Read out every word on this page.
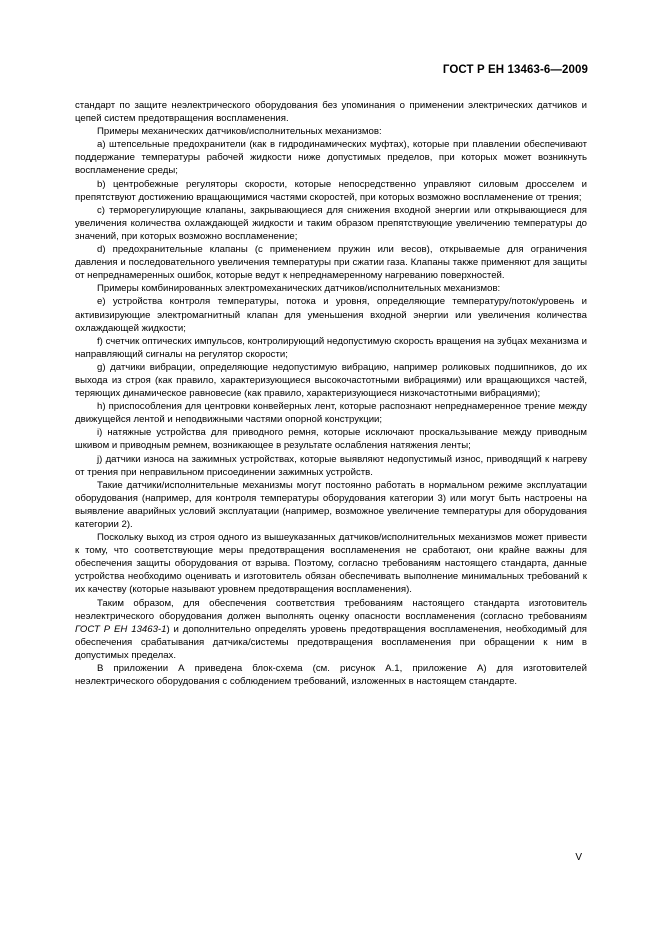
ГОСТ Р ЕН 13463-6—2009

стандарт по защите неэлектрического оборудования без упоминания о применении электрических датчиков и цепей систем предотвращения воспламенения.

Примеры механических датчиков/исполнительных механизмов:

a) штепсельные предохранители (как в гидродинамических муфтах), которые при плавлении обеспечивают поддержание температуры рабочей жидкости ниже допустимых пределов, при которых может возникнуть воспламенение среды;

b) центробежные регуляторы скорости, которые непосредственно управляют силовым дросселем и препятствуют достижению вращающимися частями скоростей, при которых возможно воспламенение от трения;

c) терморегулирующие клапаны, закрывающиеся для снижения входной энергии или открывающиеся для увеличения количества охлаждающей жидкости и таким образом препятствующие увеличению температуры до значений, при которых возможно воспламенение;

d) предохранительные клапаны (с применением пружин или весов), открываемые для ограничения давления и последовательного увеличения температуры при сжатии газа. Клапаны также применяют для защиты от непреднамеренных ошибок, которые ведут к непреднамеренному нагреванию поверхностей.

Примеры комбинированных электромеханических датчиков/исполнительных механизмов:

e) устройства контроля температуры, потока и уровня, определяющие температуру/поток/уровень и активизирующие электромагнитный клапан для уменьшения входной энергии или увеличения количества охлаждающей жидкости;

f) счетчик оптических импульсов, контролирующий недопустимую скорость вращения на зубцах механизма и направляющий сигналы на регулятор скорости;

g) датчики вибрации, определяющие недопустимую вибрацию, например роликовых подшипников, до их выхода из строя (как правило, характеризующиеся высокочастотными вибрациями) или вращающихся частей, теряющих динамическое равновесие (как правило, характеризующиеся низкочастотными вибрациями);

h) приспособления для центровки конвейерных лент, которые распознают непреднамеренное трение между движущейся лентой и неподвижными частями опорной конструкции;

i) натяжные устройства для приводного ремня, которые исключают проскальзывание между приводным шкивом и приводным ремнем, возникающее в результате ослабления натяжения ленты;

j) датчики износа на зажимных устройствах, которые выявляют недопустимый износ, приводящий к нагреву от трения при неправильном присоединении зажимных устройств.

Такие датчики/исполнительные механизмы могут постоянно работать в нормальном режиме эксплуатации оборудования (например, для контроля температуры оборудования категории 3) или могут быть настроены на выявление аварийных условий эксплуатации (например, возможное увеличение температуры для оборудования категории 2).

Поскольку выход из строя одного из вышеуказанных датчиков/исполнительных механизмов может привести к тому, что соответствующие меры предотвращения воспламенения не сработают, они крайне важны для обеспечения защиты оборудования от взрыва. Поэтому, согласно требованиям настоящего стандарта, данные устройства необходимо оценивать и изготовитель обязан обеспечивать выполнение минимальных требований к их качеству (которые называют уровнем предотвращения воспламенения).

Таким образом, для обеспечения соответствия требованиям настоящего стандарта изготовитель неэлектрического оборудования должен выполнять оценку опасности воспламенения (согласно требованиям ГОСТ Р ЕН 13463-1) и дополнительно определять уровень предотвращения воспламенения, необходимый для обеспечения срабатывания датчика/системы предотвращения воспламенения при обращении к ним в допустимых пределах.

В приложении А приведена блок-схема (см. рисунок А.1, приложение А) для изготовителей неэлектрического оборудования с соблюдением требований, изложенных в настоящем стандарте.

V
